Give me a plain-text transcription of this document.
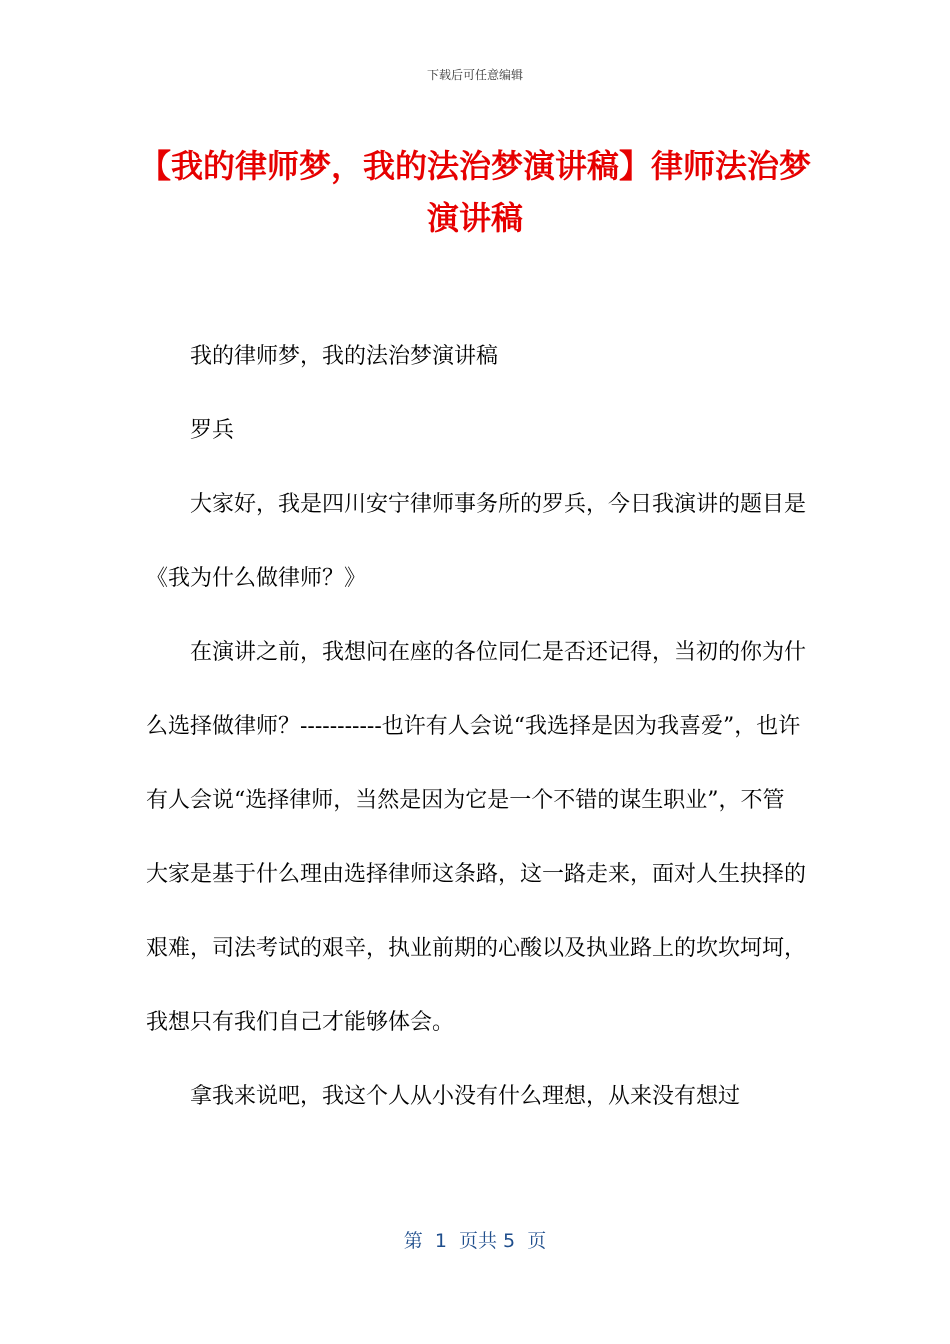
下载后可任意编辑
【我的律师梦，我的法治梦演讲稿】律师法治梦演讲稿

我的律师梦，我的法治梦演讲稿

罗兵

大家好，我是四川安宁律师事务所的罗兵，今日我演讲的题目是《我为什么做律师？》

在演讲之前，我想问在座的各位同仁是否还记得，当初的你为什么选择做律师？-----------也许有人会说“我选择是因为我喜爱”，也许有人会说“选择律师，当然是因为它是一个不错的谋生职业”，不管大家是基于什么理由选择律师这条路，这一路走来，面对人生抉择的艰难，司法考试的艰辛，执业前期的心酸以及执业路上的坎坎坷坷，我想只有我们自己才能够体会。

拿我来说吧，我这个人从小没有什么理想，从来没有想过

第  1  页共 5  页
